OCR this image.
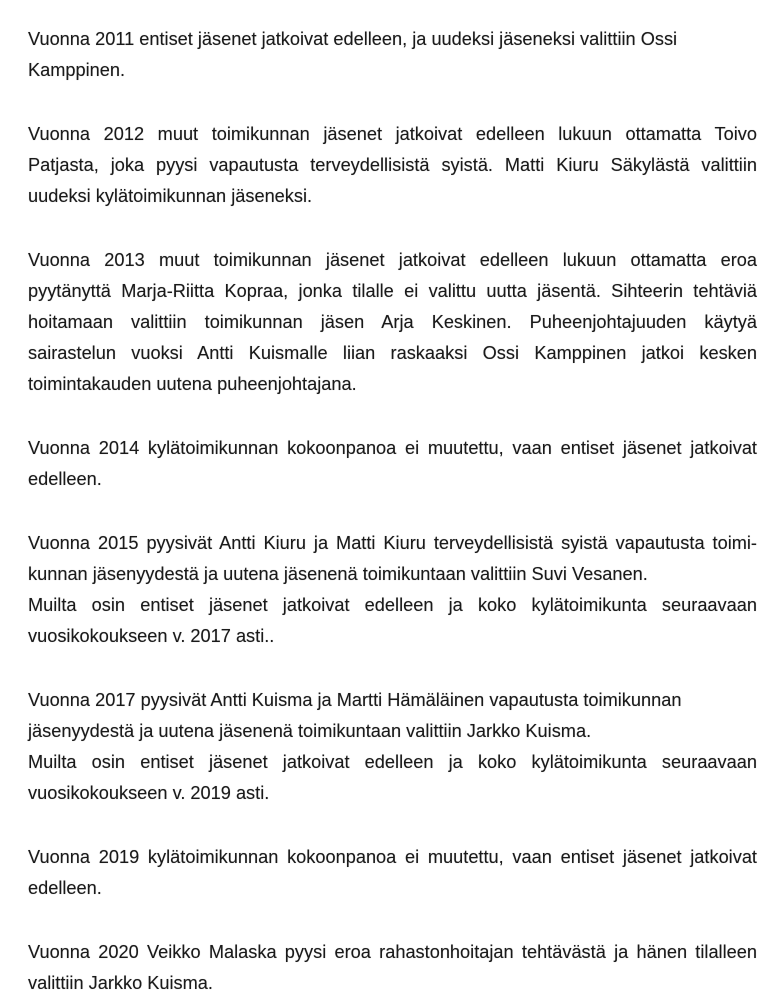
Vuonna 2011 entiset jäsenet jatkoivat edelleen, ja uudeksi jäseneksi valittiin Ossi
Kamppinen.
Vuonna 2012 muut toimikunnan jäsenet jatkoivat edelleen lukuun ottamatta Toivo
Patjasta, joka pyysi vapautusta terveydellisistä syistä. Matti Kiuru Säkylästä valittiin
uudeksi kylätoimikunnan jäseneksi.
Vuonna 2013 muut toimikunnan jäsenet jatkoivat edelleen lukuun ottamatta eroa
pyytänyttä Marja-Riitta Kopraa, jonka tilalle ei valittu uutta jäsentä. Sihteerin tehtäviä
hoitamaan valittiin toimikunnan jäsen Arja Keskinen. Puheenjohtajuuden käytyä
sairastelun vuoksi Antti Kuismalle liian raskaaksi Ossi Kamppinen jatkoi kesken
toimintakauden uutena puheenjohtajana.
Vuonna 2014 kylätoimikunnan kokoonpanoa ei muutettu, vaan entiset jäsenet jatkoivat
edelleen.
Vuonna 2015 pyysivät Antti Kiuru ja Matti Kiuru terveydellisistä syistä vapautusta toimi-
kunnan jäsenyydestä ja uutena jäsenenä toimikuntaan valittiin Suvi Vesanen.
Muilta osin entiset jäsenet jatkoivat edelleen ja koko kylätoimikunta seuraavaan
vuosikokoukseen v. 2017 asti..
Vuonna 2017 pyysivät Antti Kuisma ja Martti Hämäläinen vapautusta toimikunnan
jäsenyydestä ja uutena jäsenenä toimikuntaan valittiin Jarkko Kuisma.
Muilta osin entiset jäsenet jatkoivat edelleen ja koko kylätoimikunta seuraavaan
vuosikokoukseen v. 2019 asti.
Vuonna 2019 kylätoimikunnan kokoonpanoa ei muutettu, vaan entiset jäsenet jatkoivat
edelleen.
Vuonna 2020 Veikko Malaska pyysi eroa rahastonhoitajan tehtävästä ja hänen tilalleen
valittiin Jarkko Kuisma.
